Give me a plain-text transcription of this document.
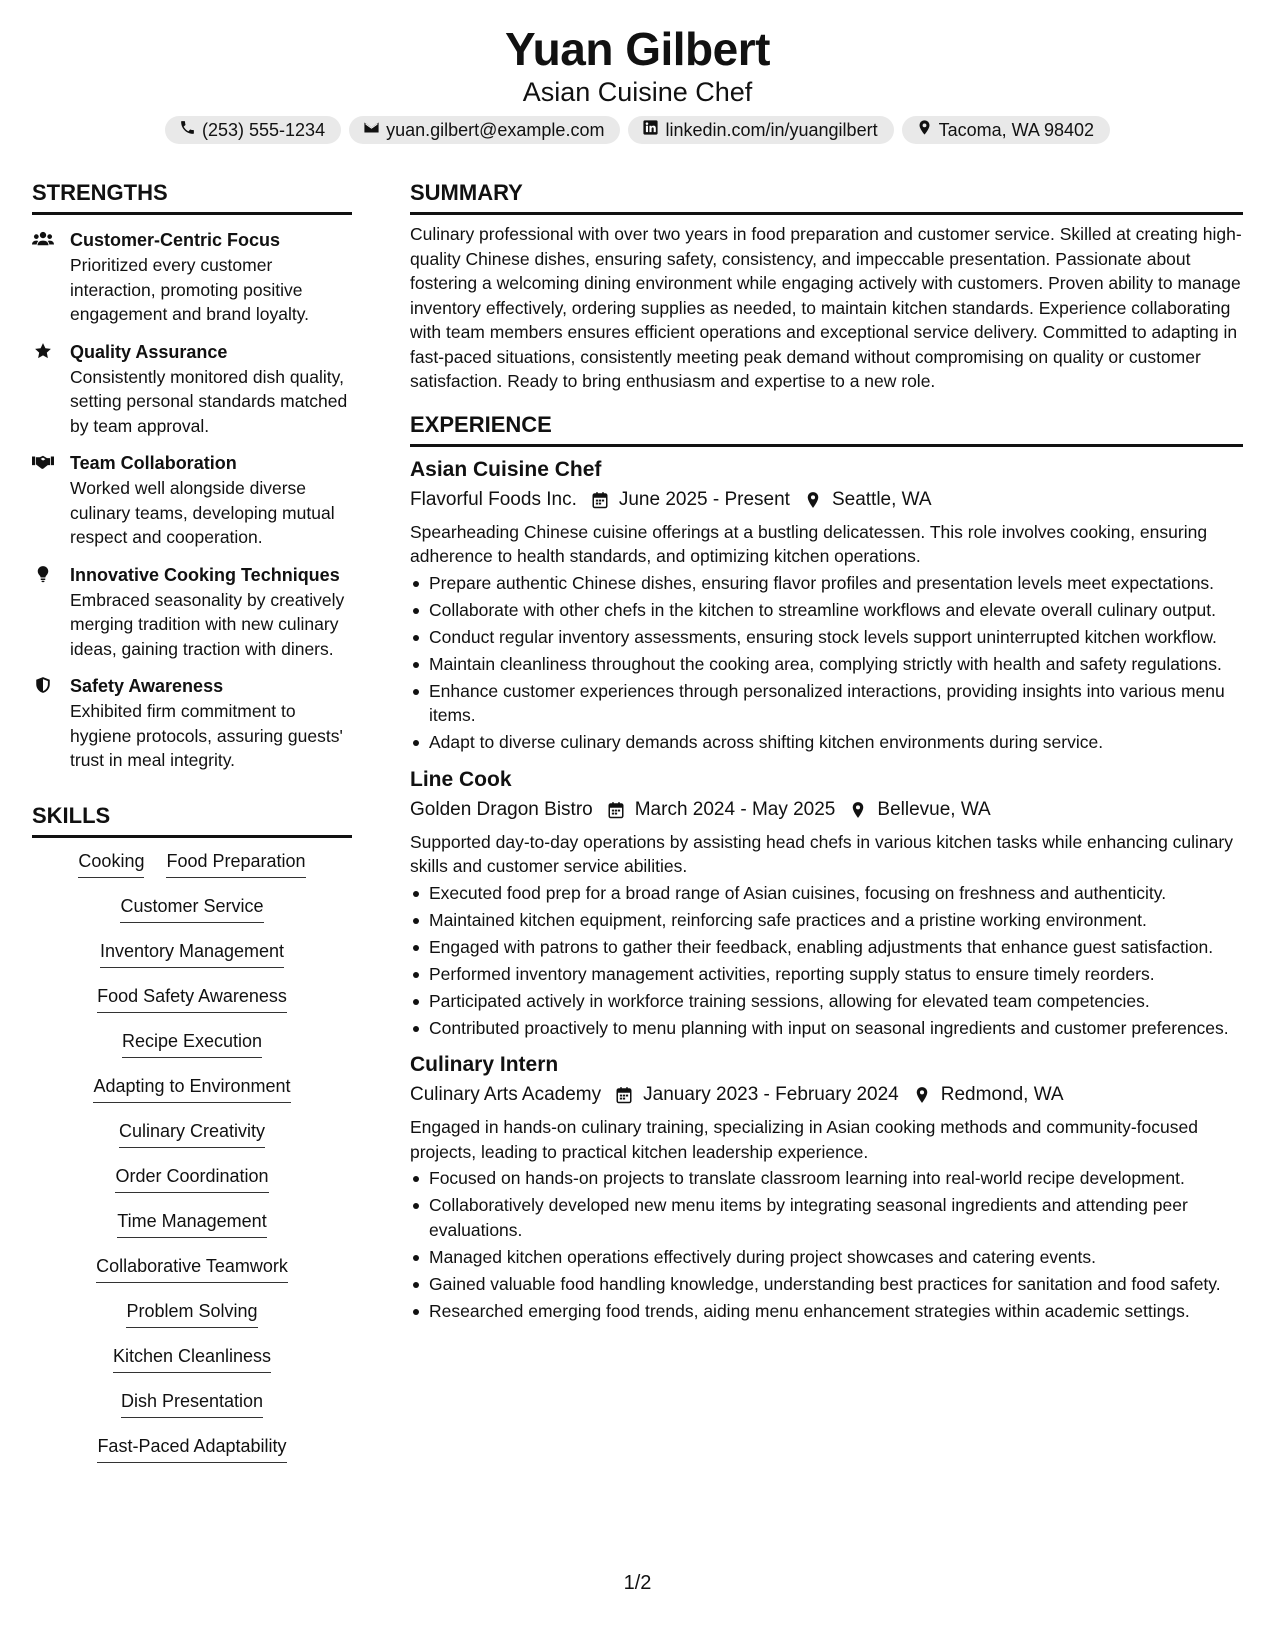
Yuan Gilbert
Asian Cuisine Chef
(253) 555-1234	yuan.gilbert@example.com	linkedin.com/in/yuangilbert	Tacoma, WA 98402
STRENGTHS
Customer-Centric Focus
Prioritized every customer interaction, promoting positive engagement and brand loyalty.
Quality Assurance
Consistently monitored dish quality, setting personal standards matched by team approval.
Team Collaboration
Worked well alongside diverse culinary teams, developing mutual respect and cooperation.
Innovative Cooking Techniques
Embraced seasonality by creatively merging tradition with new culinary ideas, gaining traction with diners.
Safety Awareness
Exhibited firm commitment to hygiene protocols, assuring guests' trust in meal integrity.
SKILLS
Cooking Food Preparation
Customer Service
Inventory Management
Food Safety Awareness
Recipe Execution
Adapting to Environment
Culinary Creativity
Order Coordination
Time Management
Collaborative Teamwork
Problem Solving
Kitchen Cleanliness
Dish Presentation
Fast-Paced Adaptability
SUMMARY
Culinary professional with over two years in food preparation and customer service. Skilled at creating high-quality Chinese dishes, ensuring safety, consistency, and impeccable presentation. Passionate about fostering a welcoming dining environment while engaging actively with customers. Proven ability to manage inventory effectively, ordering supplies as needed, to maintain kitchen standards. Experience collaborating with team members ensures efficient operations and exceptional service delivery. Committed to adapting in fast-paced situations, consistently meeting peak demand without compromising on quality or customer satisfaction. Ready to bring enthusiasm and expertise to a new role.
EXPERIENCE
Asian Cuisine Chef
Flavorful Foods Inc. June 2025 - Present Seattle, WA
Spearheading Chinese cuisine offerings at a bustling delicatessen. This role involves cooking, ensuring adherence to health standards, and optimizing kitchen operations.
Prepare authentic Chinese dishes, ensuring flavor profiles and presentation levels meet expectations.
Collaborate with other chefs in the kitchen to streamline workflows and elevate overall culinary output.
Conduct regular inventory assessments, ensuring stock levels support uninterrupted kitchen workflow.
Maintain cleanliness throughout the cooking area, complying strictly with health and safety regulations.
Enhance customer experiences through personalized interactions, providing insights into various menu items.
Adapt to diverse culinary demands across shifting kitchen environments during service.
Line Cook
Golden Dragon Bistro March 2024 - May 2025 Bellevue, WA
Supported day-to-day operations by assisting head chefs in various kitchen tasks while enhancing culinary skills and customer service abilities.
Executed food prep for a broad range of Asian cuisines, focusing on freshness and authenticity.
Maintained kitchen equipment, reinforcing safe practices and a pristine working environment.
Engaged with patrons to gather their feedback, enabling adjustments that enhance guest satisfaction.
Performed inventory management activities, reporting supply status to ensure timely reorders.
Participated actively in workforce training sessions, allowing for elevated team competencies.
Contributed proactively to menu planning with input on seasonal ingredients and customer preferences.
Culinary Intern
Culinary Arts Academy January 2023 - February 2024 Redmond, WA
Engaged in hands-on culinary training, specializing in Asian cooking methods and community-focused projects, leading to practical kitchen leadership experience.
Focused on hands-on projects to translate classroom learning into real-world recipe development.
Collaboratively developed new menu items by integrating seasonal ingredients and attending peer evaluations.
Managed kitchen operations effectively during project showcases and catering events.
Gained valuable food handling knowledge, understanding best practices for sanitation and food safety.
Researched emerging food trends, aiding menu enhancement strategies within academic settings.
1/2
